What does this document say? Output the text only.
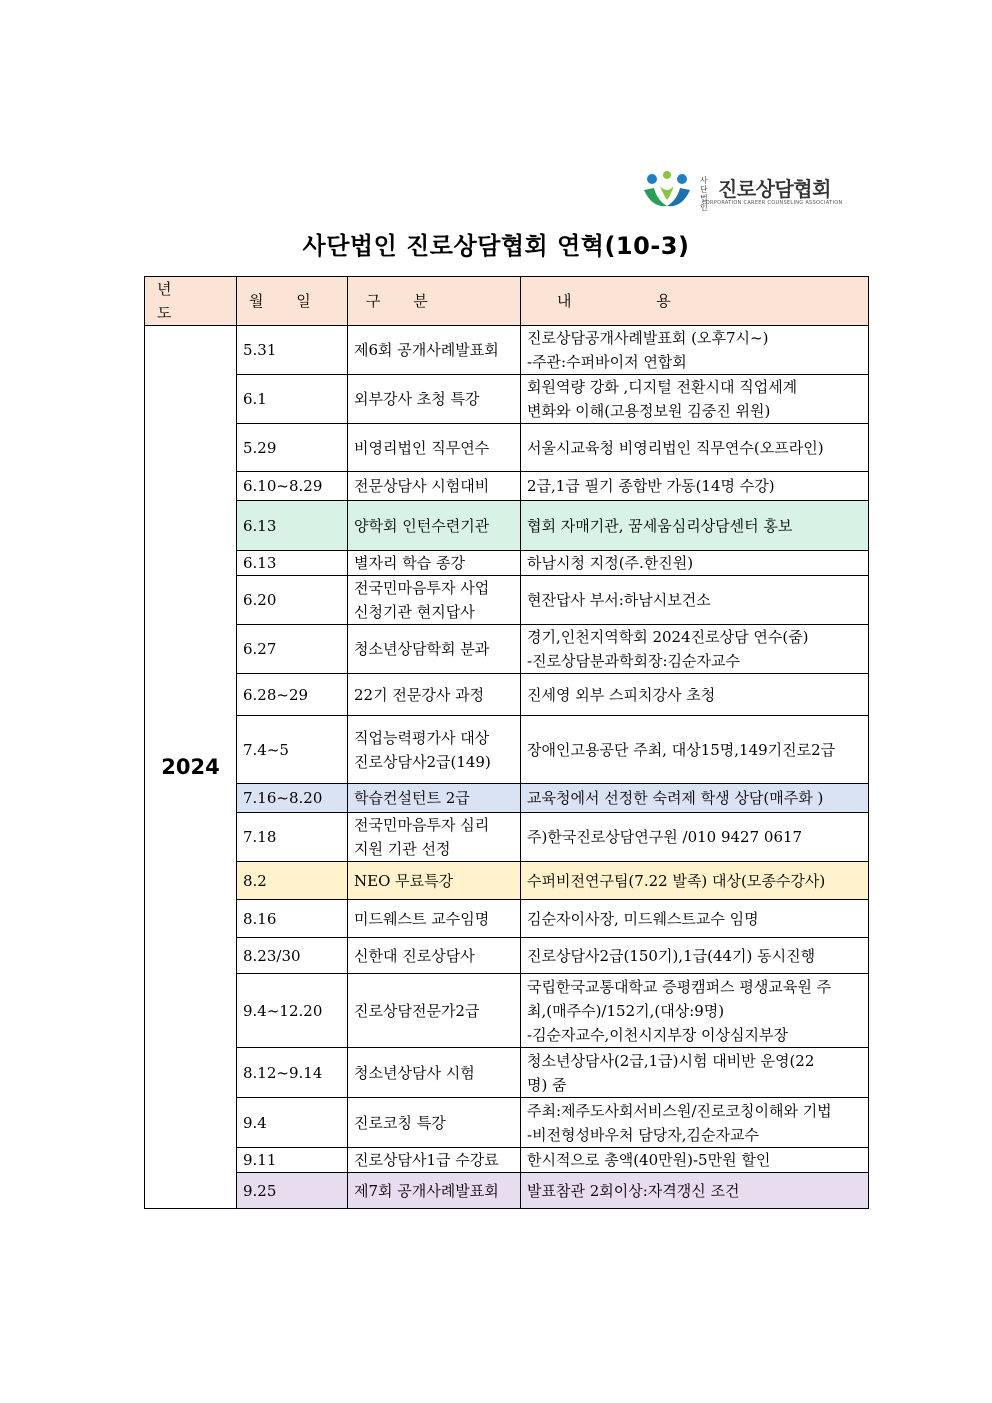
사단법인
진로상담협회
CORPORATION CAREER COUNSELING ASSOCIATION
사단법인 진로상담협회 연혁(10-3)
년 도	월 일	구 분	내 용
2024	5.31	제6회 공개사례발표회	진로상담공개사례발표회 (오후7시~)
-주관:수퍼바이저 연합회
	6.1	외부강사 초청 특강	회원역량 강화 ,디지털 전환시대 직업세계
변화와 이해(고용정보원 김중진 위원)
	5.29	비영리법인 직무연수	서울시교육청 비영리법인 직무연수(오프라인)
	6.10~8.29	전문상담사 시험대비	2급,1급 필기 종합반 가동(14명 수강)
	6.13	양학회 인턴수련기관	협회 자매기관, 꿈세움심리상담센터 홍보
	6.13	별자리 학습 종강	하남시청 지정(주.한진원)
	6.20	전국민마음투자 사업
신청기관 현지답사	현잔답사 부서:하남시보건소
	6.27	청소년상담학회 분과	경기,인천지역학회 2024진로상담 연수(줌)
-진로상담분과학회장:김순자교수
	6.28~29	22기 전문강사 과정	진세영 외부 스피치강사 초청
	7.4~5	직업능력평가사 대상
진로상담사2급(149)	장애인고용공단 주최, 대상15명,149기진로2급
	7.16~8.20	학습컨설턴트 2급	교육청에서 선정한 숙려제 학생 상담(매주화 )
	7.18	전국민마음투자 심리
지원 기관 선정	주)한국진로상담연구원 /010 9427 0617
	8.2	NEO 무료특강	수퍼비전연구팀(7.22 발족) 대상(모종수강사)
	8.16	미드웨스트 교수임명	김순자이사장, 미드웨스트교수 임명
	8.23/30	신한대 진로상담사	진로상담사2급(150기),1급(44기) 동시진행
	9.4~12.20	진로상담전문가2급	국립한국교통대학교 증평캠퍼스 평생교육원 주
최,(매주수)/152기,(대상:9명)
-김순자교수,이천시지부장 이상심지부장
	8.12~9.14	청소년상담사 시험	청소년상담사(2급,1급)시험 대비반 운영(22
명) 줌
	9.4	진로코칭 특강	주최:제주도사회서비스원/진로코칭이해와 기법
-비전형성바우처 담당자,김순자교수
	9.11	진로상담사1급 수강료	한시적으로 총액(40만원)-5만원 할인
	9.25	제7회 공개사례발표회	발표참관 2회이상:자격갱신 조건
